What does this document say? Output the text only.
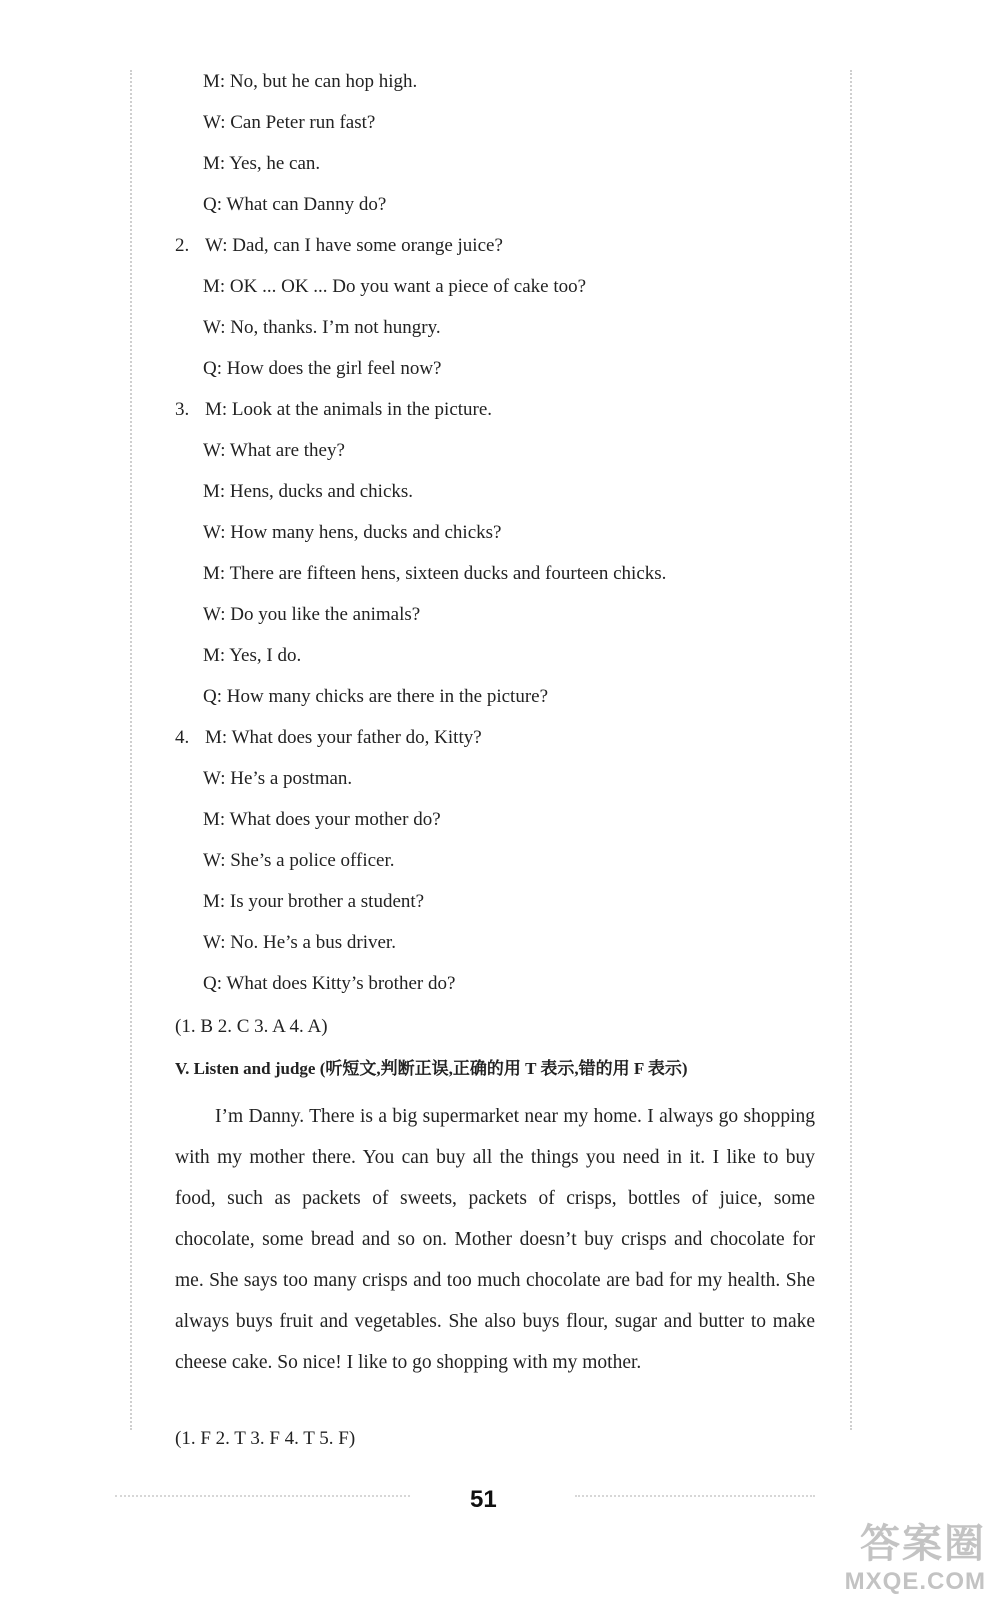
M: No, but he can hop high.
W: Can Peter run fast?
M: Yes, he can.
Q: What can Danny do?
2. W: Dad, can I have some orange juice?
M: OK ... OK ... Do you want a piece of cake too?
W: No, thanks. I’m not hungry.
Q: How does the girl feel now?
3. M: Look at the animals in the picture.
W: What are they?
M: Hens, ducks and chicks.
W: How many hens, ducks and chicks?
M: There are fifteen hens, sixteen ducks and fourteen chicks.
W: Do you like the animals?
M: Yes, I do.
Q: How many chicks are there in the picture?
4. M: What does your father do, Kitty?
W: He’s a postman.
M: What does your mother do?
W: She’s a police officer.
M: Is your brother a student?
W: No. He’s a bus driver.
Q: What does Kitty’s brother do?
(1. B 2. C 3. A 4. A)
V. Listen and judge (听短文,判断正误,正确的用 T 表示,错的用 F 表示)
I’m Danny. There is a big supermarket near my home. I always go shopping with my mother there. You can buy all the things you need in it. I like to buy food, such as packets of sweets, packets of crisps, bottles of juice, some chocolate, some bread and so on. Mother doesn’t buy crisps and chocolate for me. She says too many crisps and too much chocolate are bad for my health. She always buys fruit and vegetables. She also buys flour, sugar and butter to make cheese cake. So nice! I like to go shopping with my mother.
(1. F 2. T 3. F 4. T 5. F)
51
答案圈
MXQE.COM
